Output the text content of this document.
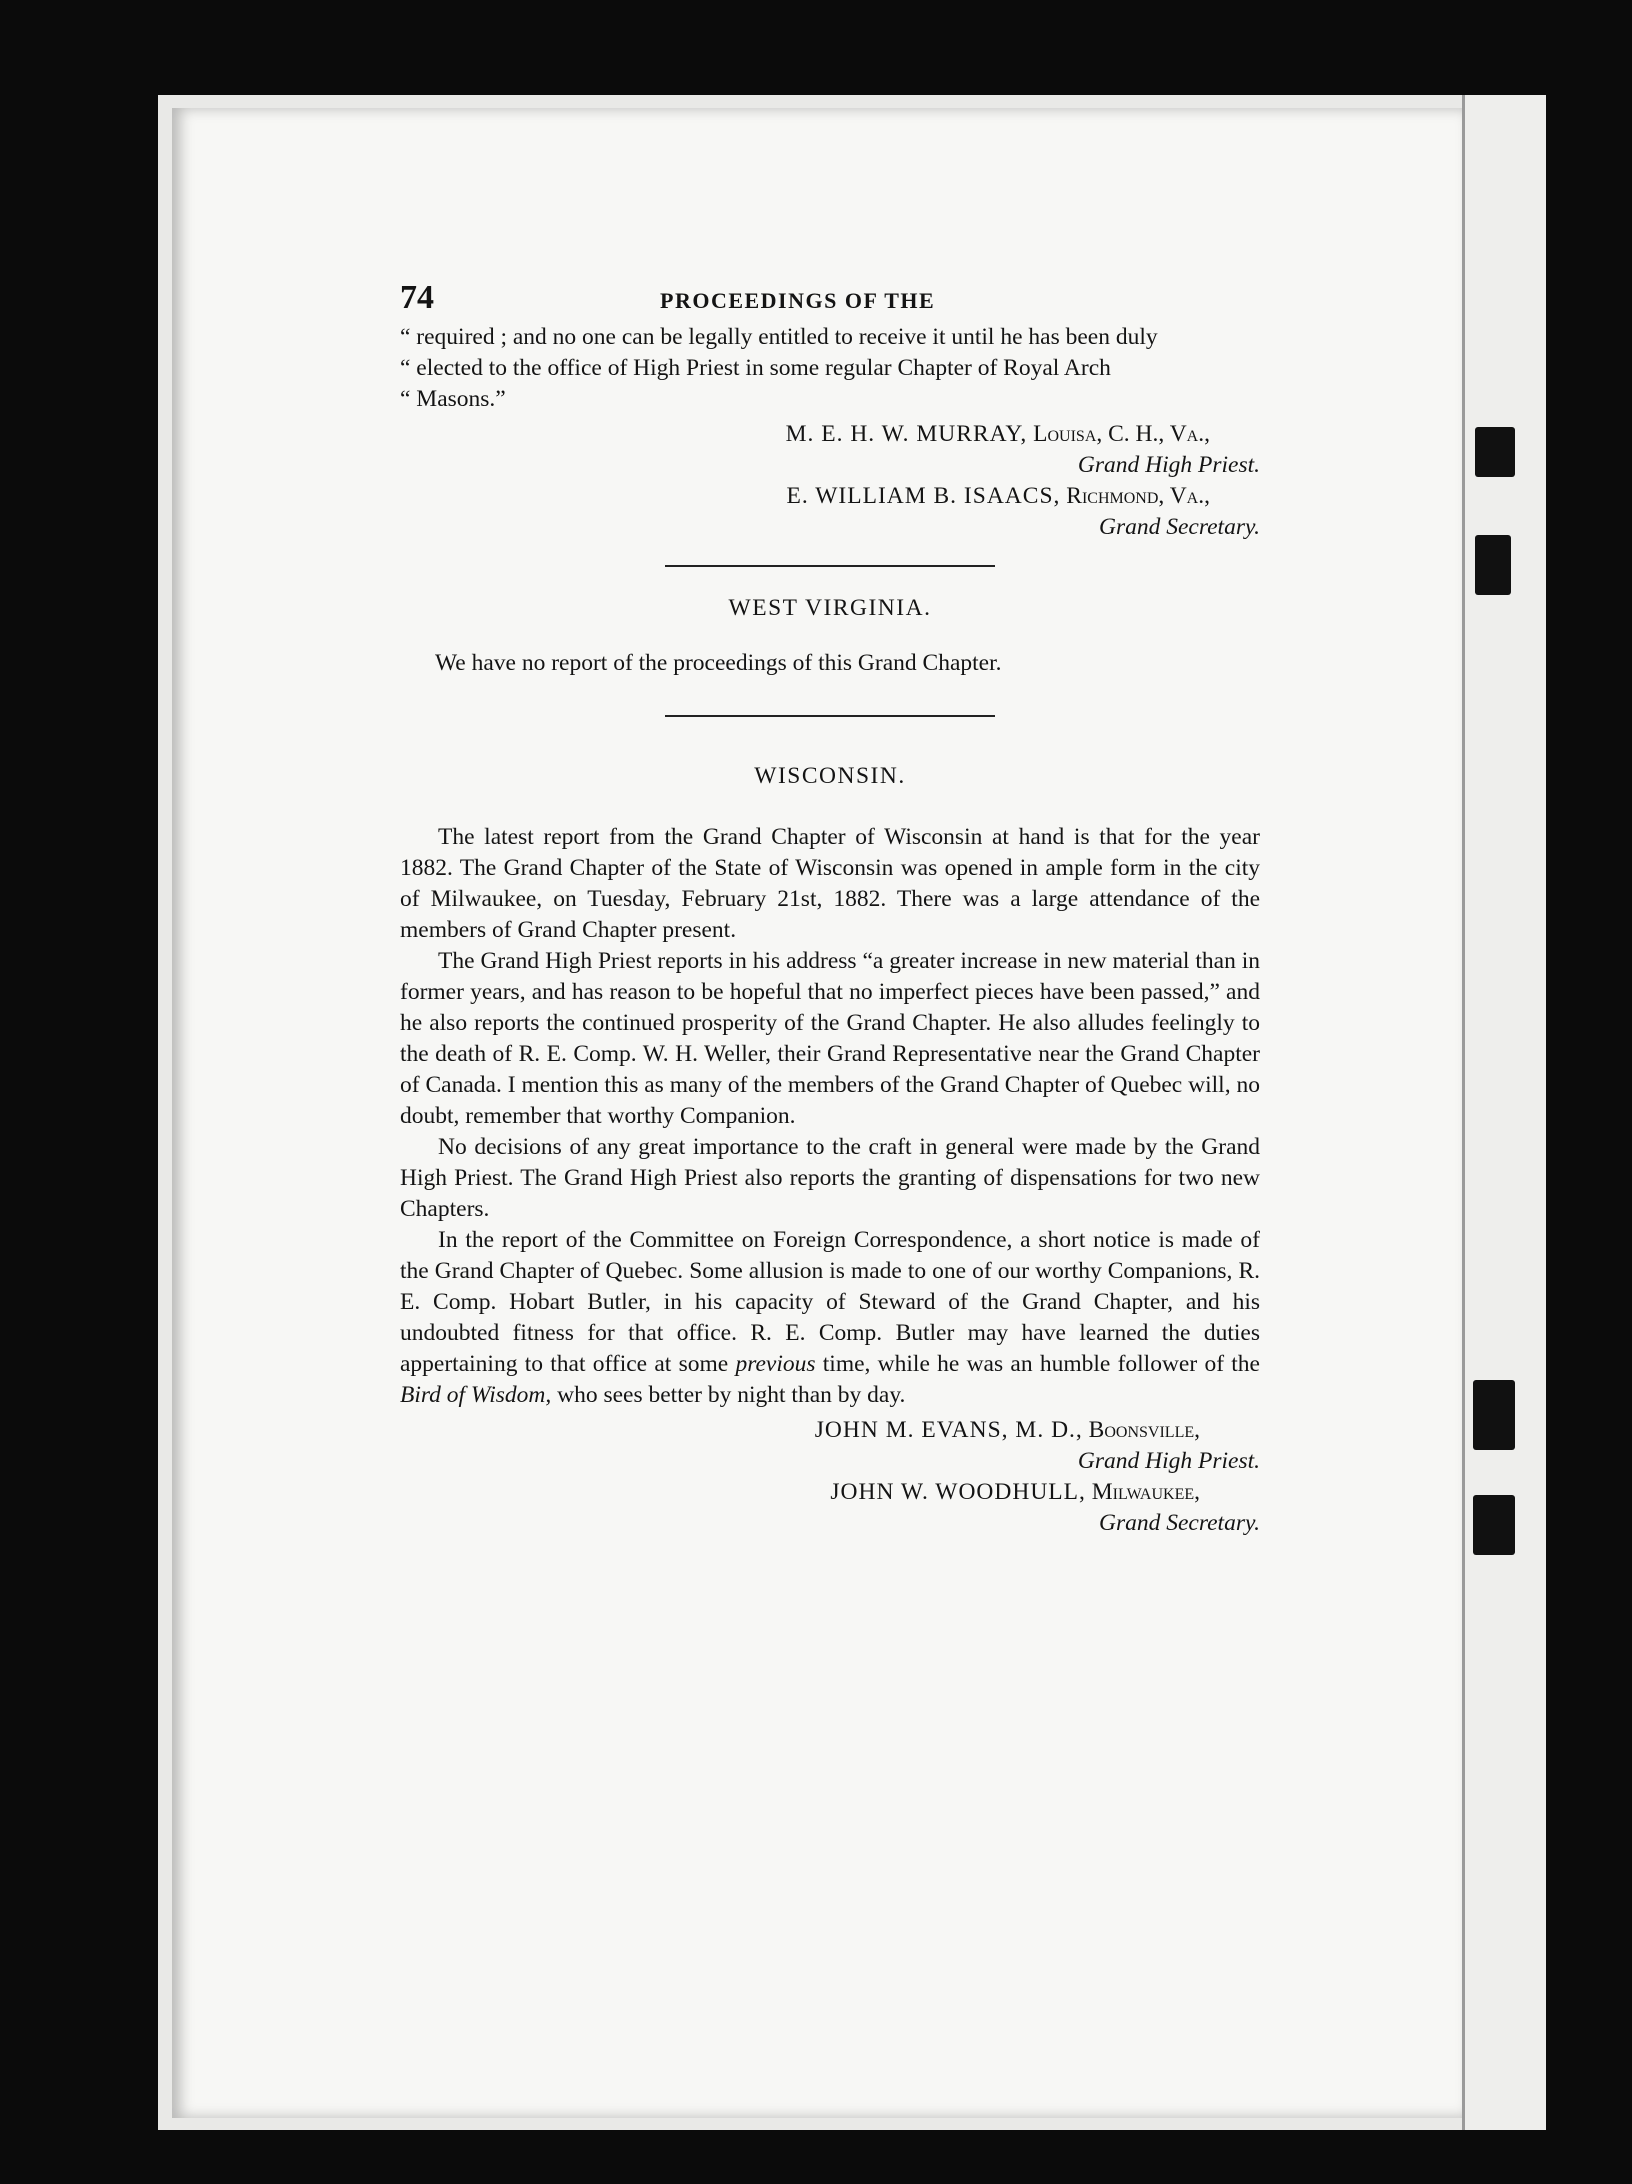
74	PROCEEDINGS OF THE

“ required ; and no one can be legally entitled to receive it until he has been duly

“ elected to the office of High Priest in some regular Chapter of Royal Arch

“ Masons.”

M. E. H. W. MURRAY, Louisa, C. H., Va.,

Grand High Priest.

E. WILLIAM B. ISAACS, Richmond, Va.,

Grand Secretary.

WEST VIRGINIA.

We have no report of the proceedings of this Grand Chapter.

WISCONSIN.

The latest report from the Grand Chapter of Wisconsin at hand is that for the year 1882. The Grand Chapter of the State of Wisconsin was opened in ample form in the city of Milwaukee, on Tuesday, February 21st, 1882. There was a large attendance of the members of Grand Chapter present.

The Grand High Priest reports in his address “a greater increase in new material than in former years, and has reason to be hopeful that no imperfect pieces have been passed,” and he also reports the continued prosperity of the Grand Chapter. He also alludes feelingly to the death of R. E. Comp. W. H. Weller, their Grand Representative near the Grand Chapter of Canada. I mention this as many of the members of the Grand Chapter of Quebec will, no doubt, remember that worthy Companion.

No decisions of any great importance to the craft in general were made by the Grand High Priest. The Grand High Priest also reports the granting of dispensations for two new Chapters.

In the report of the Committee on Foreign Correspondence, a short notice is made of the Grand Chapter of Quebec. Some allusion is made to one of our worthy Companions, R. E. Comp. Hobart Butler, in his capacity of Steward of the Grand Chapter, and his undoubted fitness for that office. R. E. Comp. Butler may have learned the duties appertaining to that office at some previous time, while he was an humble follower of the Bird of Wisdom, who sees better by night than by day.

JOHN M. EVANS, M. D., Boonsville,

Grand High Priest.

JOHN W. WOODHULL, Milwaukee,

Grand Secretary.
